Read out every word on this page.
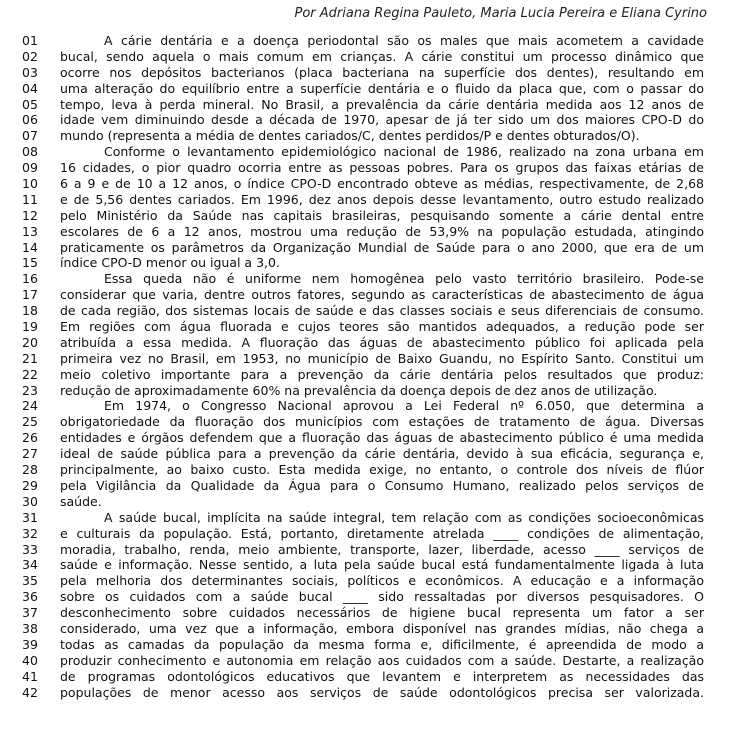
Por Adriana Regina Pauleto, Maria Lucia Pereira e Eliana Cyrino
01	A cárie dentária e a doença periodontal são os males que mais acometem a cavidade
02	bucal, sendo aquela o mais comum em crianças. A cárie constitui um processo dinâmico que
03	ocorre nos depósitos bacterianos (placa bacteriana na superfície dos dentes), resultando em
04	uma alteração do equilíbrio entre a superfície dentária e o fluido da placa que, com o passar do
05	tempo, leva à perda mineral. No Brasil, a prevalência da cárie dentária medida aos 12 anos de
06	idade vem diminuindo desde a década de 1970, apesar de já ter sido um dos maiores CPO-D do
07	mundo (representa a média de dentes cariados/C, dentes perdidos/P e dentes obturados/O).
08	Conforme o levantamento epidemiológico nacional de 1986, realizado na zona urbana em
09	16 cidades, o pior quadro ocorria entre as pessoas pobres. Para os grupos das faixas etárias de
10	6 a 9 e de 10 a 12 anos, o índice CPO-D encontrado obteve as médias, respectivamente, de 2,68
11	e de 5,56 dentes cariados. Em 1996, dez anos depois desse levantamento, outro estudo realizado
12	pelo Ministério da Saúde nas capitais brasileiras, pesquisando somente a cárie dental entre
13	escolares de 6 a 12 anos, mostrou uma redução de 53,9% na população estudada, atingindo
14	praticamente os parâmetros da Organização Mundial de Saúde para o ano 2000, que era de um
15	índice CPO-D menor ou igual a 3,0.
16	Essa queda não é uniforme nem homogênea pelo vasto território brasileiro. Pode-se
17	considerar que varia, dentre outros fatores, segundo as características de abastecimento de água
18	de cada região, dos sistemas locais de saúde e das classes sociais e seus diferenciais de consumo.
19	Em regiões com água fluorada e cujos teores são mantidos adequados, a redução pode ser
20	atribuída a essa medida. A fluoração das águas de abastecimento público foi aplicada pela
21	primeira vez no Brasil, em 1953, no município de Baixo Guandu, no Espírito Santo. Constitui um
22	meio coletivo importante para a prevenção da cárie dentária pelos resultados que produz:
23	redução de aproximadamente 60% na prevalência da doença depois de dez anos de utilização.
24	Em 1974, o Congresso Nacional aprovou a Lei Federal nº 6.050, que determina a
25	obrigatoriedade da fluoração dos municípios com estações de tratamento de água. Diversas
26	entidades e órgãos defendem que a fluoração das águas de abastecimento público é uma medida
27	ideal de saúde pública para a prevenção da cárie dentária, devido à sua eficácia, segurança e,
28	principalmente, ao baixo custo. Esta medida exige, no entanto, o controle dos níveis de flúor
29	pela Vigilância da Qualidade da Água para o Consumo Humano, realizado pelos serviços de
30	saúde.
31	A saúde bucal, implícita na saúde integral, tem relação com as condições socioeconômicas
32	e culturais da população. Está, portanto, diretamente atrelada ____ condições de alimentação,
33	moradia, trabalho, renda, meio ambiente, transporte, lazer, liberdade, acesso ____ serviços de
34	saúde e informação. Nesse sentido, a luta pela saúde bucal está fundamentalmente ligada à luta
35	pela melhoria dos determinantes sociais, políticos e econômicos. A educação e a informação
36	sobre os cuidados com a saúde bucal ____ sido ressaltadas por diversos pesquisadores. O
37	desconhecimento sobre cuidados necessários de higiene bucal representa um fator a ser
38	considerado, uma vez que a informação, embora disponível nas grandes mídias, não chega a
39	todas as camadas da população da mesma forma e, dificilmente, é apreendida de modo a
40	produzir conhecimento e autonomia em relação aos cuidados com a saúde. Destarte, a realização
41	de programas odontológicos educativos que levantem e interpretem as necessidades das
42	populações de menor acesso aos serviços de saúde odontológicos precisa ser valorizada.
